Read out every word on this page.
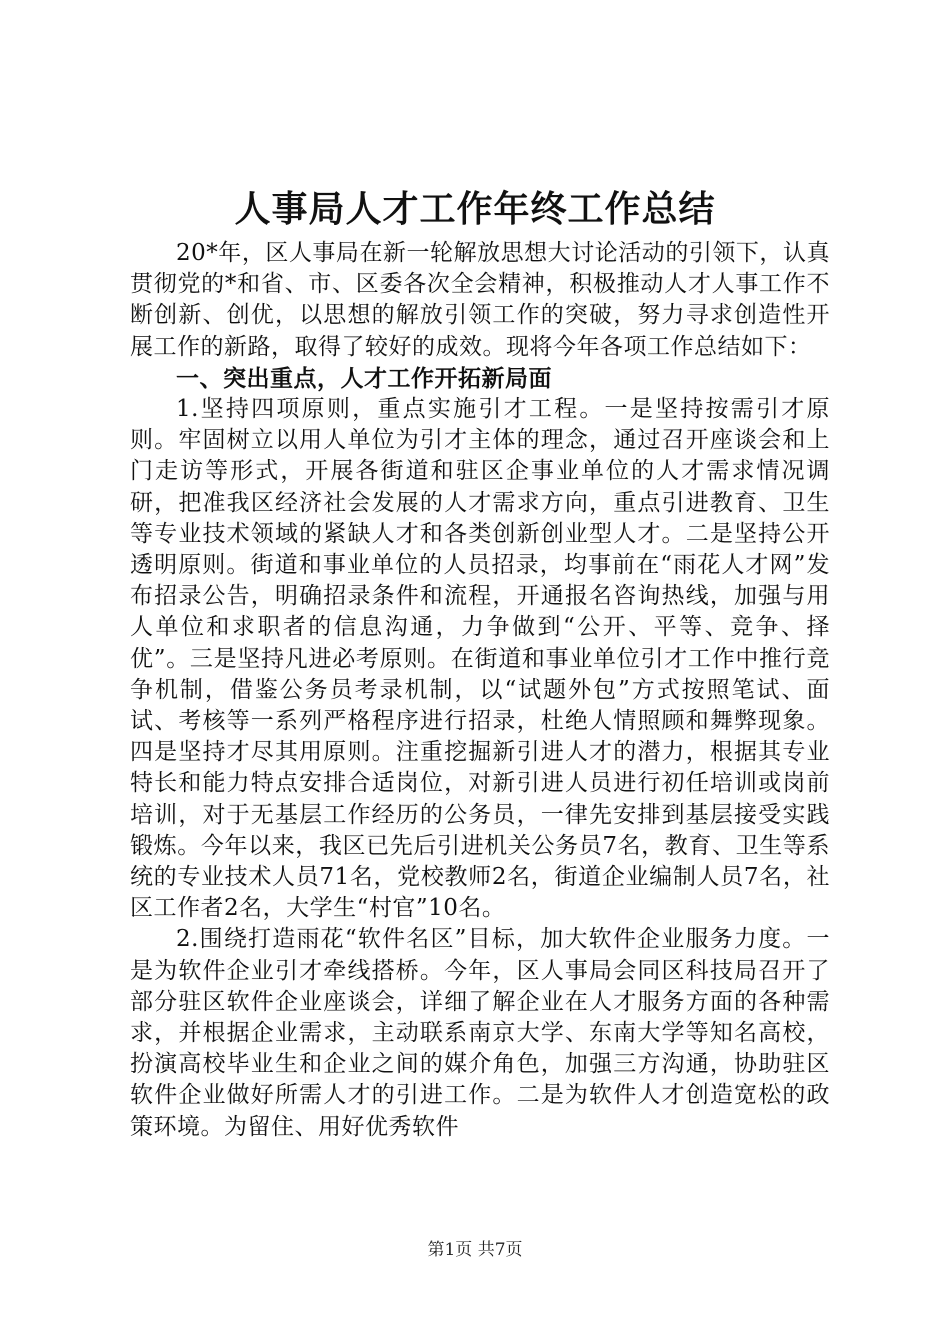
人事局人才工作年终工作总结

20*年，区人事局在新一轮解放思想大讨论活动的引领下，认真贯彻党的*和省、市、区委各次全会精神，积极推动人才人事工作不断创新、创优，以思想的解放引领工作的突破，努力寻求创造性开展工作的新路，取得了较好的成效。现将今年各项工作总结如下：

一、突出重点，人才工作开拓新局面

1.坚持四项原则，重点实施引才工程。一是坚持按需引才原则。牢固树立以用人单位为引才主体的理念，通过召开座谈会和上门走访等形式，开展各街道和驻区企事业单位的人才需求情况调研，把准我区经济社会发展的人才需求方向，重点引进教育、卫生等专业技术领域的紧缺人才和各类创新创业型人才。二是坚持公开透明原则。街道和事业单位的人员招录，均事前在“雨花人才网”发布招录公告，明确招录条件和流程，开通报名咨询热线，加强与用人单位和求职者的信息沟通，力争做到“公开、平等、竞争、择优”。三是坚持凡进必考原则。在街道和事业单位引才工作中推行竞争机制，借鉴公务员考录机制，以“试题外包”方式按照笔试、面试、考核等一系列严格程序进行招录，杜绝人情照顾和舞弊现象。四是坚持才尽其用原则。注重挖掘新引进人才的潜力，根据其专业特长和能力特点安排合适岗位，对新引进人员进行初任培训或岗前培训，对于无基层工作经历的公务员，一律先安排到基层接受实践锻炼。今年以来，我区已先后引进机关公务员7名，教育、卫生等系统的专业技术人员71名，党校教师2名，街道企业编制人员7名，社区工作者2名，大学生“村官”10名。

2.围绕打造雨花“软件名区”目标，加大软件企业服务力度。一是为软件企业引才牵线搭桥。今年，区人事局会同区科技局召开了部分驻区软件企业座谈会，详细了解企业在人才服务方面的各种需求，并根据企业需求，主动联系南京大学、东南大学等知名高校，扮演高校毕业生和企业之间的媒介角色，加强三方沟通，协助驻区软件企业做好所需人才的引进工作。二是为软件人才创造宽松的政策环境。为留住、用好优秀软件

第1页 共7页
